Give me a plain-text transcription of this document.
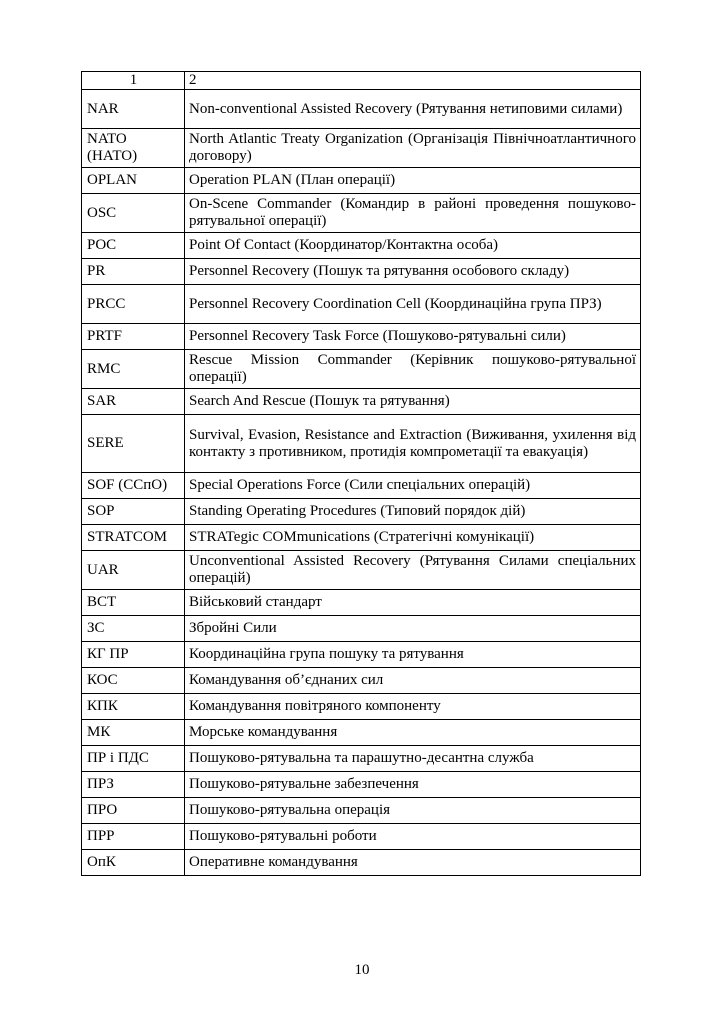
1	2
NAR	Non-conventional Assisted Recovery (Рятування нетиповими силами)
NATO (НАТО)	North Atlantic Treaty Organization (Організація Північноатлантичного договору)
OPLAN	Operation PLAN (План операції)
OSC	On-Scene Commander (Командир в районі проведення пошуково-рятувальної операції)
POC	Point Of Contact (Координатор/Контактна особа)
PR	Personnel Recovery (Пошук та рятування особового складу)
PRCC	Personnel Recovery Coordination Cell (Координаційна група ПРЗ)
PRTF	Personnel Recovery Task Force (Пошуково-рятувальні сили)
RMC	Rescue Mission Commander (Керівник пошуково-рятувальної операції)
SAR	Search And Rescue (Пошук та рятування)
SERE	Survival, Evasion, Resistance and Extraction (Виживання, ухилення від контакту з противником, протидія компрометації та евакуація)
SOF (ССпО)	Special Operations Force (Сили спеціальних операцій)
SOP	Standing Operating Procedures (Типовий порядок дій)
STRATCOM	STRATegic COMmunications (Стратегічні комунікації)
UAR	Unconventional Assisted Recovery (Рятування Силами спеціальних операцій)
ВСТ	Військовий стандарт
ЗС	Збройні Сили
КГ ПР	Координаційна група пошуку та рятування
КОС	Командування об’єднаних сил
КПК	Командування повітряного компоненту
МК	Морське командування
ПР і ПДС	Пошуково-рятувальна та парашутно-десантна служба
ПРЗ	Пошуково-рятувальне забезпечення
ПРО	Пошуково-рятувальна операція
ПРР	Пошуково-рятувальні роботи
ОпК	Оперативне командування
10
